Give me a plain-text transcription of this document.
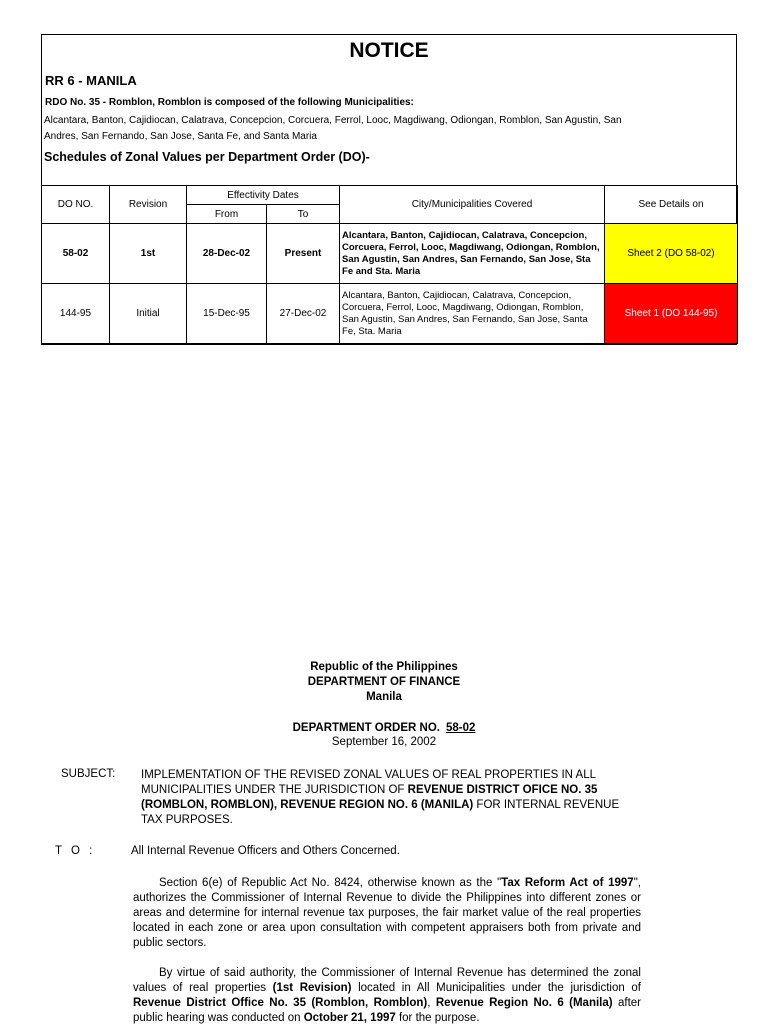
NOTICE
RR 6 - MANILA
RDO No. 35 - Romblon, Romblon is composed of the following Municipalities:
Alcantara, Banton, Cajidiocan, Calatrava, Concepcion, Corcuera, Ferrol, Looc, Magdiwang, Odiongan, Romblon, San Agustin, San Andres, San Fernando, San Jose, Santa Fe, and Santa Maria
Schedules of Zonal Values per Department Order (DO)-
DO NO.	Revision	Effectivity Dates		City/Municipalities Covered	See Details on
		From	To		
58-02	1st	28-Dec-02	Present	Alcantara, Banton, Cajidiocan, Calatrava, Concepcion, Corcuera, Ferrol, Looc, Magdiwang, Odiongan, Romblon, San Agustin, San Andres, San Fernando, San Jose, Sta Fe and Sta. Maria	Sheet 2 (DO 58-02)
144-95	Initial	15-Dec-95	27-Dec-02	Alcantara, Banton, Cajidiocan, Calatrava, Concepcion, Corcuera, Ferrol, Looc, Magdiwang, Odiongan, Romblon, San Agustin, San Andres, San Fernando, San Jose, Santa Fe, Sta. Maria	Sheet 1 (DO 144-95)
Republic of the Philippines
DEPARTMENT OF FINANCE
Manila
DEPARTMENT ORDER NO. 58-02
September 16, 2002
SUBJECT: IMPLEMENTATION OF THE REVISED ZONAL VALUES OF REAL PROPERTIES IN ALL MUNICIPALITIES UNDER THE JURISDICTION OF REVENUE DISTRICT OFICE NO. 35 (ROMBLON, ROMBLON), REVENUE REGION NO. 6 (MANILA) FOR INTERNAL REVENUE TAX PURPOSES.
T O :	All Internal Revenue Officers and Others Concerned.
Section 6(e) of Republic Act No. 8424, otherwise known as the "Tax Reform Act of 1997", authorizes the Commissioner of Internal Revenue to divide the Philippines into different zones or areas and determine for internal revenue tax purposes, the fair market value of the real properties located in each zone or area upon consultation with competent appraisers both from private and public sectors.
By virtue of said authority, the Commissioner of Internal Revenue has determined the zonal values of real properties (1st Revision) located in All Municipalities under the jurisdiction of Revenue District Office No. 35 (Romblon, Romblon), Revenue Region No. 6 (Manila) after public hearing was conducted on October 21, 1997 for the purpose.
